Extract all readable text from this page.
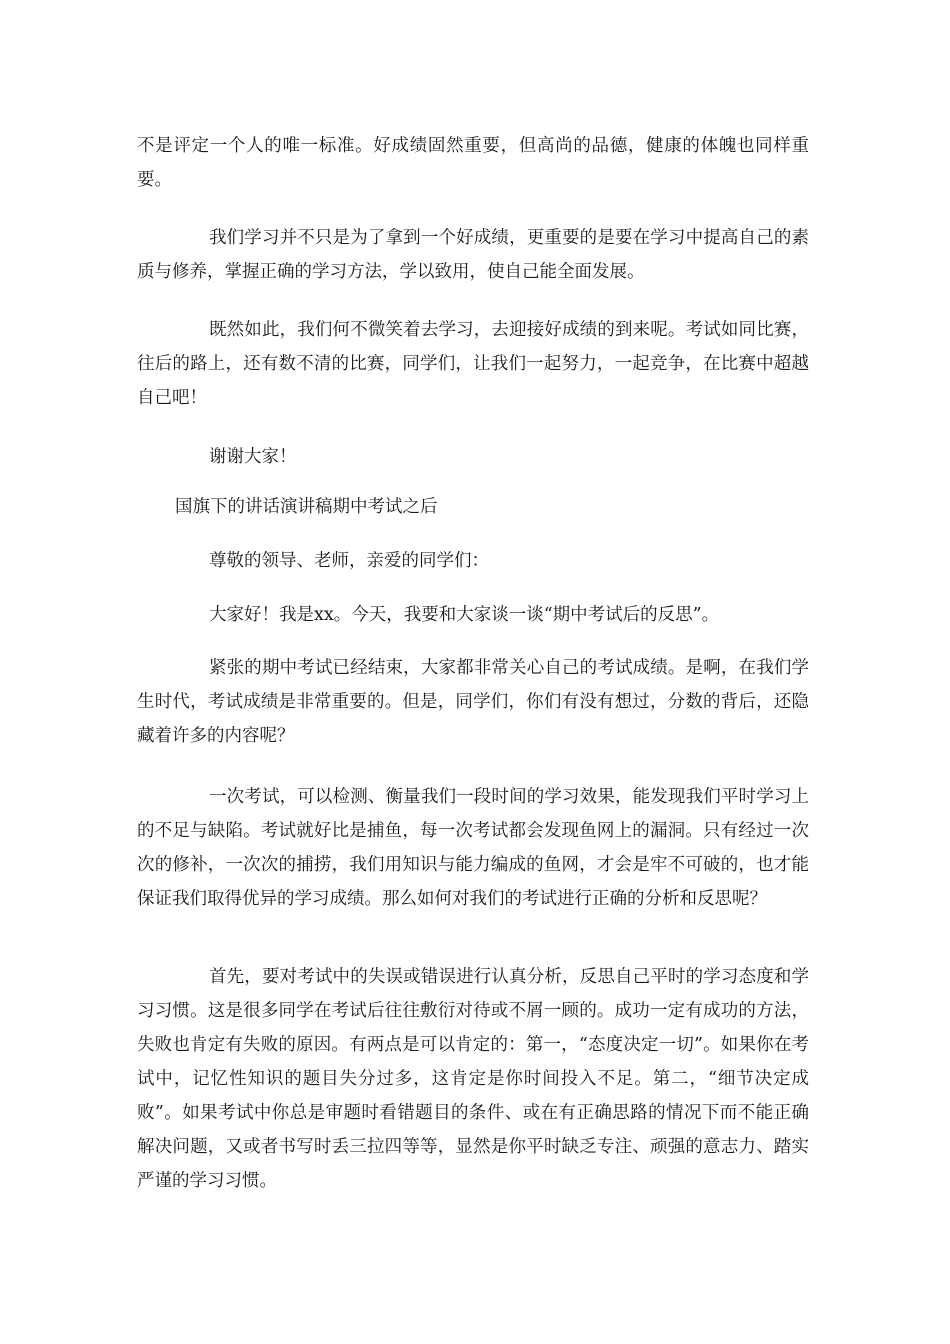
不是评定一个人的唯一标准。好成绩固然重要，但高尚的品德，健康的体魄也同样重要。

我们学习并不只是为了拿到一个好成绩，更重要的是要在学习中提高自己的素质与修养，掌握正确的学习方法，学以致用，使自己能全面发展。

既然如此，我们何不微笑着去学习，去迎接好成绩的到来呢。考试如同比赛，往后的路上，还有数不清的比赛，同学们，让我们一起努力，一起竞争，在比赛中超越自己吧！

谢谢大家！

国旗下的讲话演讲稿期中考试之后

尊敬的领导、老师，亲爱的同学们：

大家好！我是xx。今天，我要和大家谈一谈“期中考试后的反思”。

紧张的期中考试已经结束，大家都非常关心自己的考试成绩。是啊，在我们学生时代，考试成绩是非常重要的。但是，同学们，你们有没有想过，分数的背后，还隐藏着许多的内容呢？

一次考试，可以检测、衡量我们一段时间的学习效果，能发现我们平时学习上的不足与缺陷。考试就好比是捕鱼，每一次考试都会发现鱼网上的漏洞。只有经过一次次的修补，一次次的捕捞，我们用知识与能力编成的鱼网，才会是牢不可破的，也才能保证我们取得优异的学习成绩。那么如何对我们的考试进行正确的分析和反思呢？

首先，要对考试中的失误或错误进行认真分析，反思自己平时的学习态度和学习习惯。这是很多同学在考试后往往敷衍对待或不屑一顾的。成功一定有成功的方法，失败也肯定有失败的原因。有两点是可以肯定的：第一，“态度决定一切”。如果你在考试中，记忆性知识的题目失分过多，这肯定是你时间投入不足。第二，“细节决定成败”。如果考试中你总是审题时看错题目的条件、或在有正确思路的情况下而不能正确解决问题，又或者书写时丢三拉四等等，显然是你平时缺乏专注、顽强的意志力、踏实严谨的学习习惯。
